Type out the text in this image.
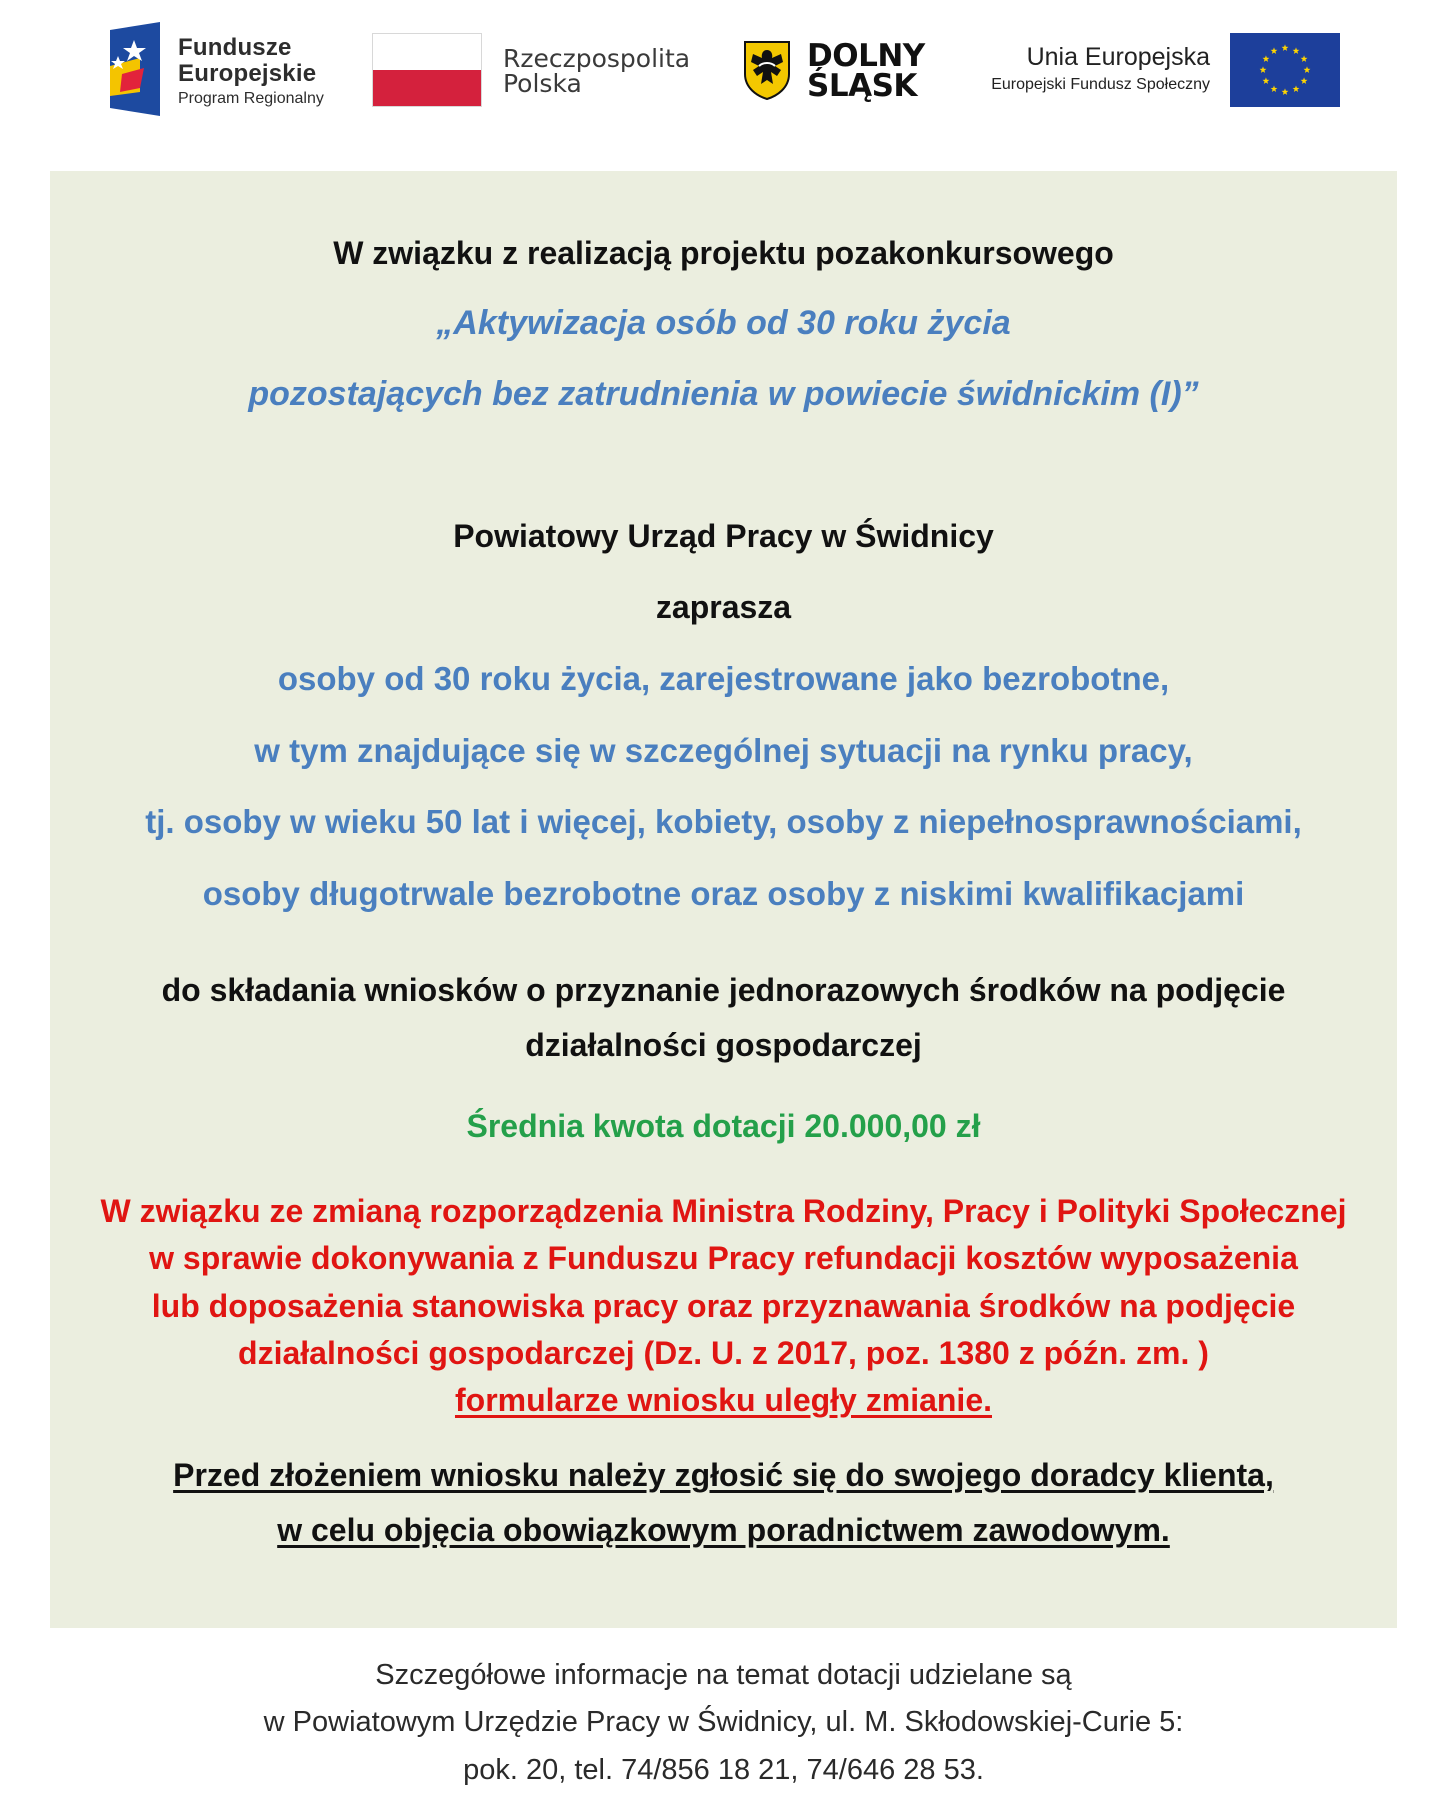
Fundusze
Europejskie
Program Regionalny
Rzeczpospolita
Polska
DOLNY
ŚLĄSK
Unia Europejska
Europejski Fundusz Społeczny
W związku z realizacją projektu pozakonkursowego
„Aktywizacja osób od 30 roku życia
pozostających bez zatrudnienia w powiecie świdnickim (I)”
Powiatowy Urząd Pracy w Świdnicy
zaprasza
osoby od 30 roku życia, zarejestrowane jako bezrobotne,
w tym znajdujące się w szczególnej sytuacji na rynku pracy,
tj. osoby w wieku 50 lat i więcej, kobiety, osoby z niepełnosprawnościami,
osoby długotrwale bezrobotne oraz osoby z niskimi kwalifikacjami
do składania wniosków o przyznanie jednorazowych środków na podjęcie
działalności gospodarczej
Średnia kwota dotacji 20.000,00 zł
W związku ze zmianą rozporządzenia Ministra Rodziny, Pracy i Polityki Społecznej
w sprawie dokonywania z Funduszu Pracy refundacji kosztów wyposażenia
lub doposażenia stanowiska pracy oraz przyznawania środków na podjęcie
działalności gospodarczej (Dz. U. z 2017, poz. 1380 z późn. zm. )
formularze wniosku uległy zmianie.
Przed złożeniem wniosku należy zgłosić się do swojego doradcy klienta,
w celu objęcia obowiązkowym poradnictwem zawodowym.
Szczegółowe informacje na temat dotacji udzielane są
w Powiatowym Urzędzie Pracy w Świdnicy, ul. M. Skłodowskiej-Curie 5:
pok. 20, tel. 74/856 18 21, 74/646 28 53.
